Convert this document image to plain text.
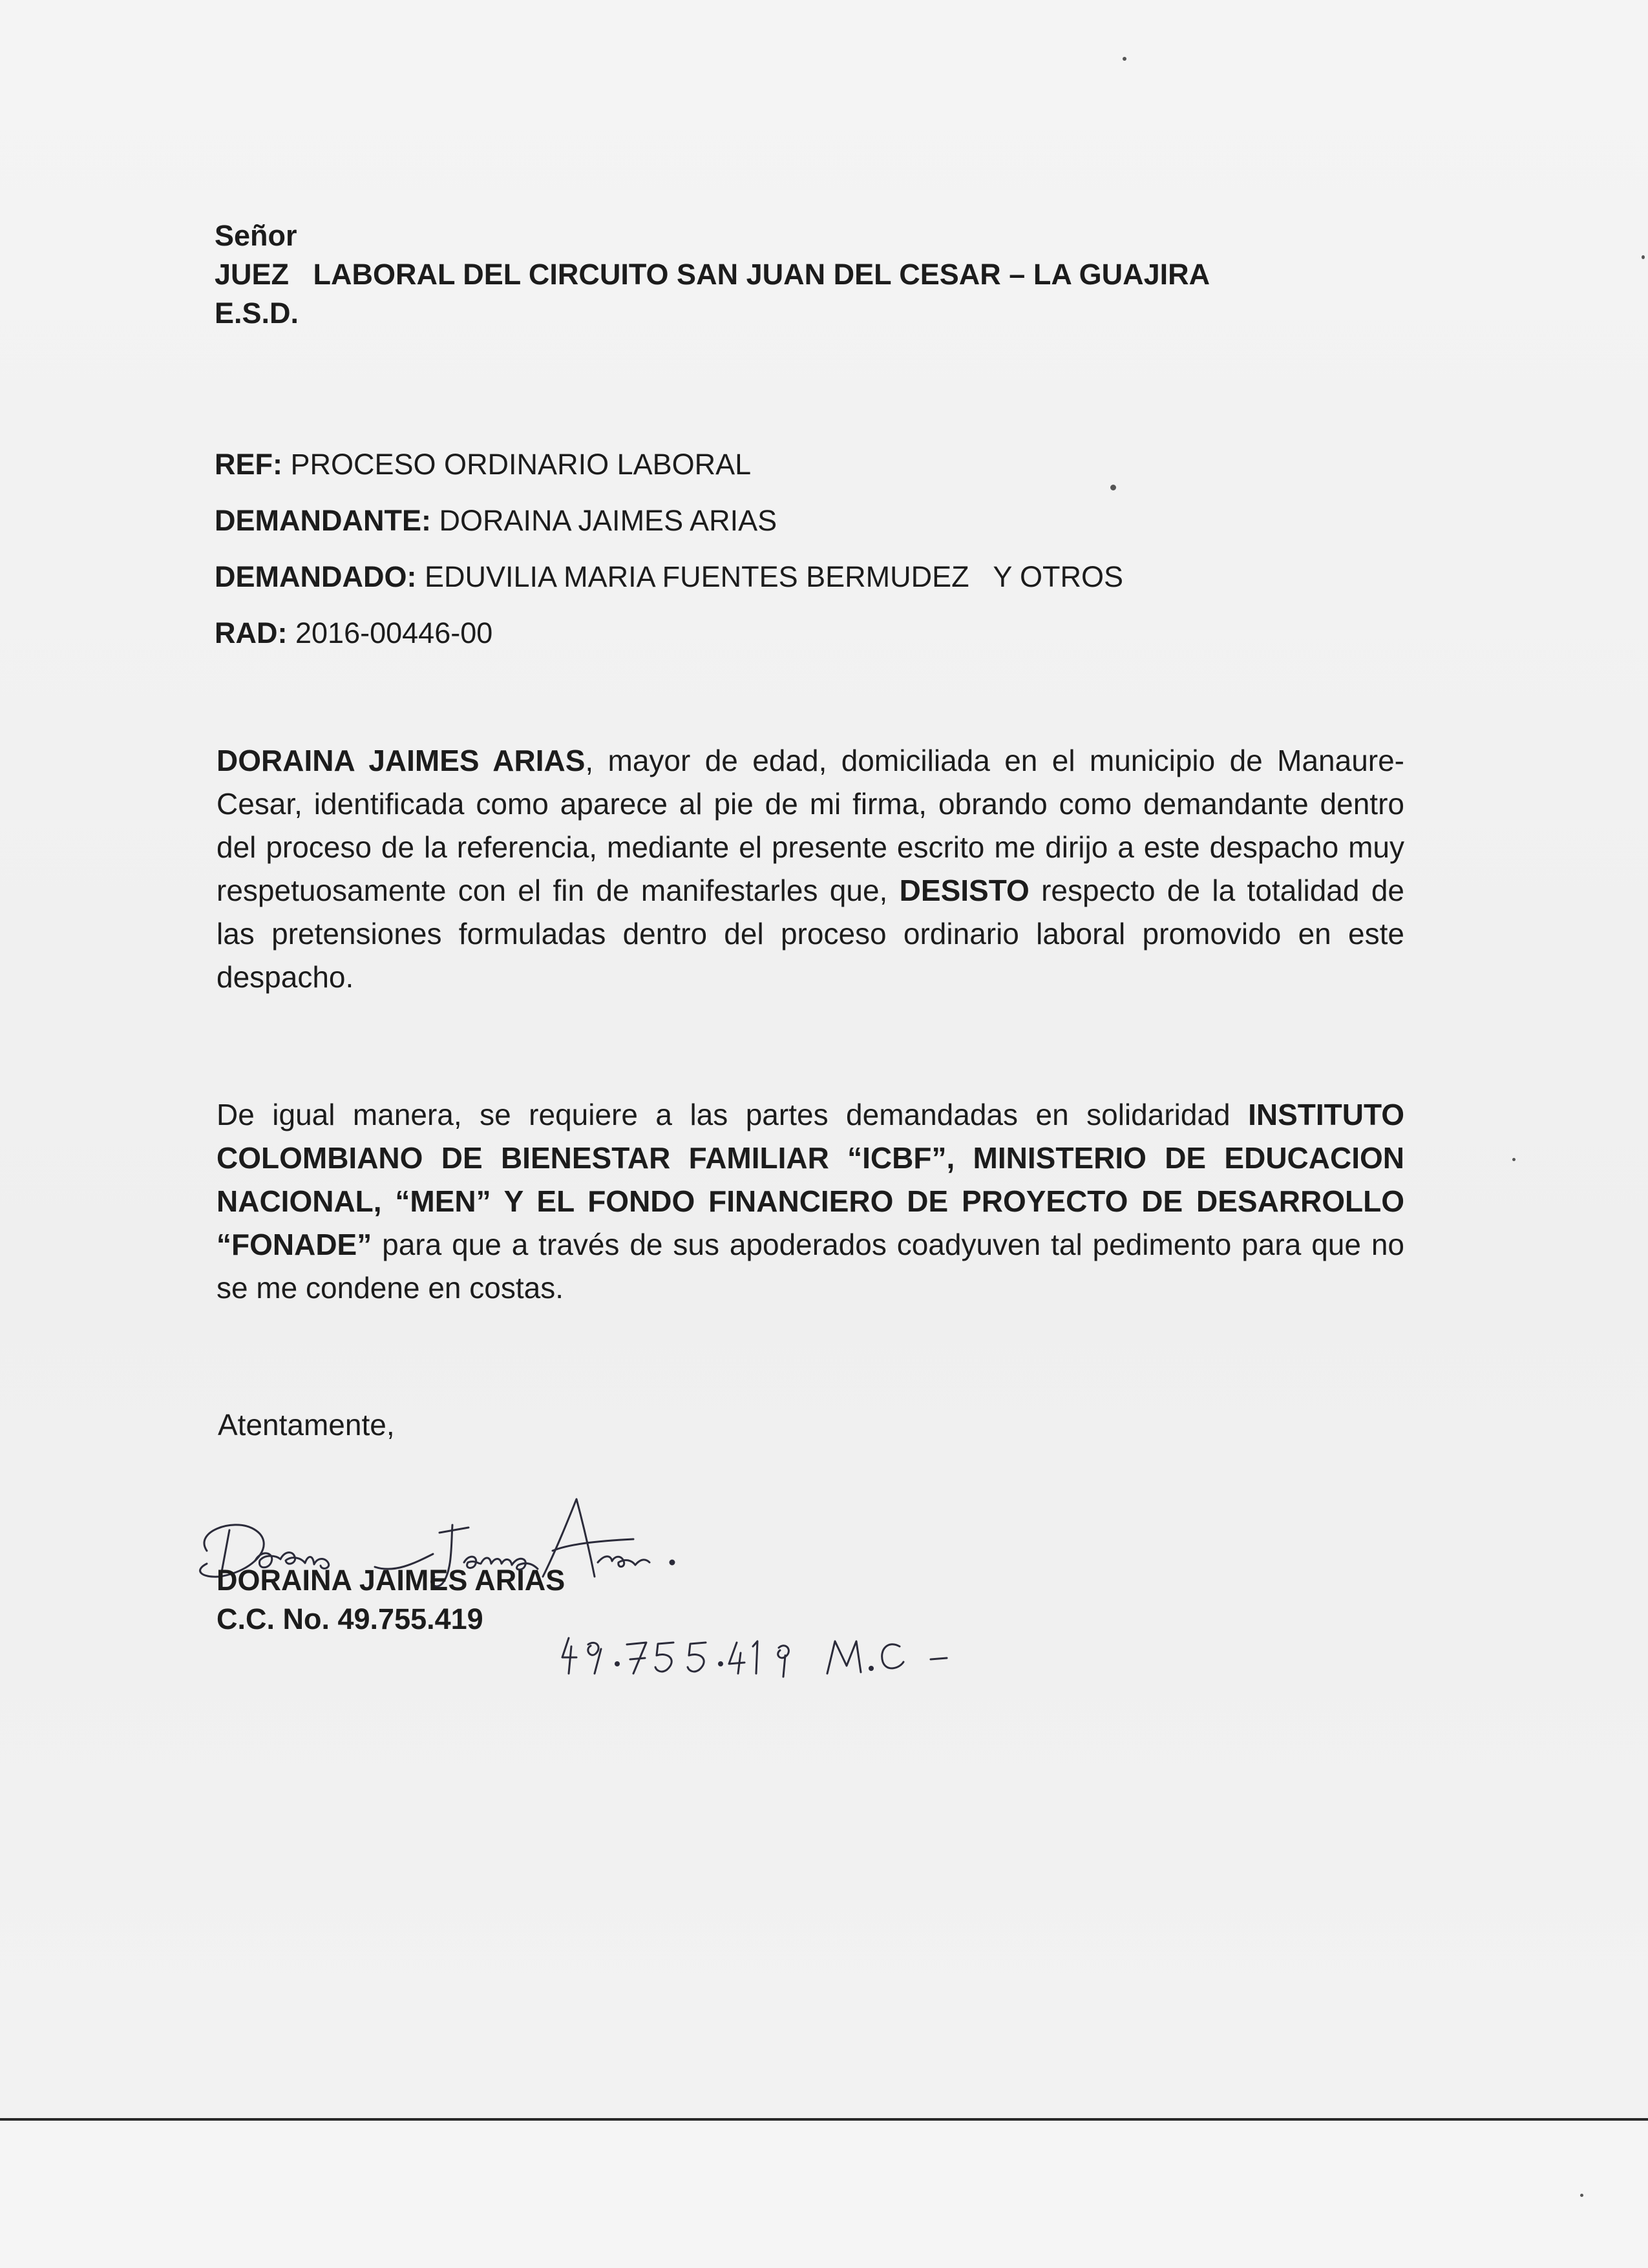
Señor
JUEZ   LABORAL DEL CIRCUITO SAN JUAN DEL CESAR – LA GUAJIRA
E.S.D.
REF: PROCESO ORDINARIO LABORAL
DEMANDANTE: DORAINA JAIMES ARIAS
DEMANDADO: EDUVILIA MARIA FUENTES BERMUDEZ   Y OTROS
RAD: 2016-00446-00
DORAINA JAIMES ARIAS, mayor de edad, domiciliada en el municipio de Manaure- Cesar, identificada como aparece al pie de mi firma, obrando como demandante dentro del proceso de la referencia, mediante el presente escrito me dirijo a este despacho muy respetuosamente con el fin de manifestarles que, DESISTO respecto de la totalidad de las pretensiones formuladas dentro del proceso ordinario laboral promovido en este despacho.
De igual manera, se requiere a las partes demandadas en solidaridad INSTITUTO COLOMBIANO DE BIENESTAR FAMILIAR “ICBF”, MINISTERIO DE EDUCACION NACIONAL, “MEN” Y EL FONDO FINANCIERO DE PROYECTO DE DESARROLLO “FONADE” para que a través de sus apoderados coadyuven tal pedimento para que no se me condene en costas.
Atentamente,
DORAINA JAIMES ARIAS
C.C. No. 49.755.419
